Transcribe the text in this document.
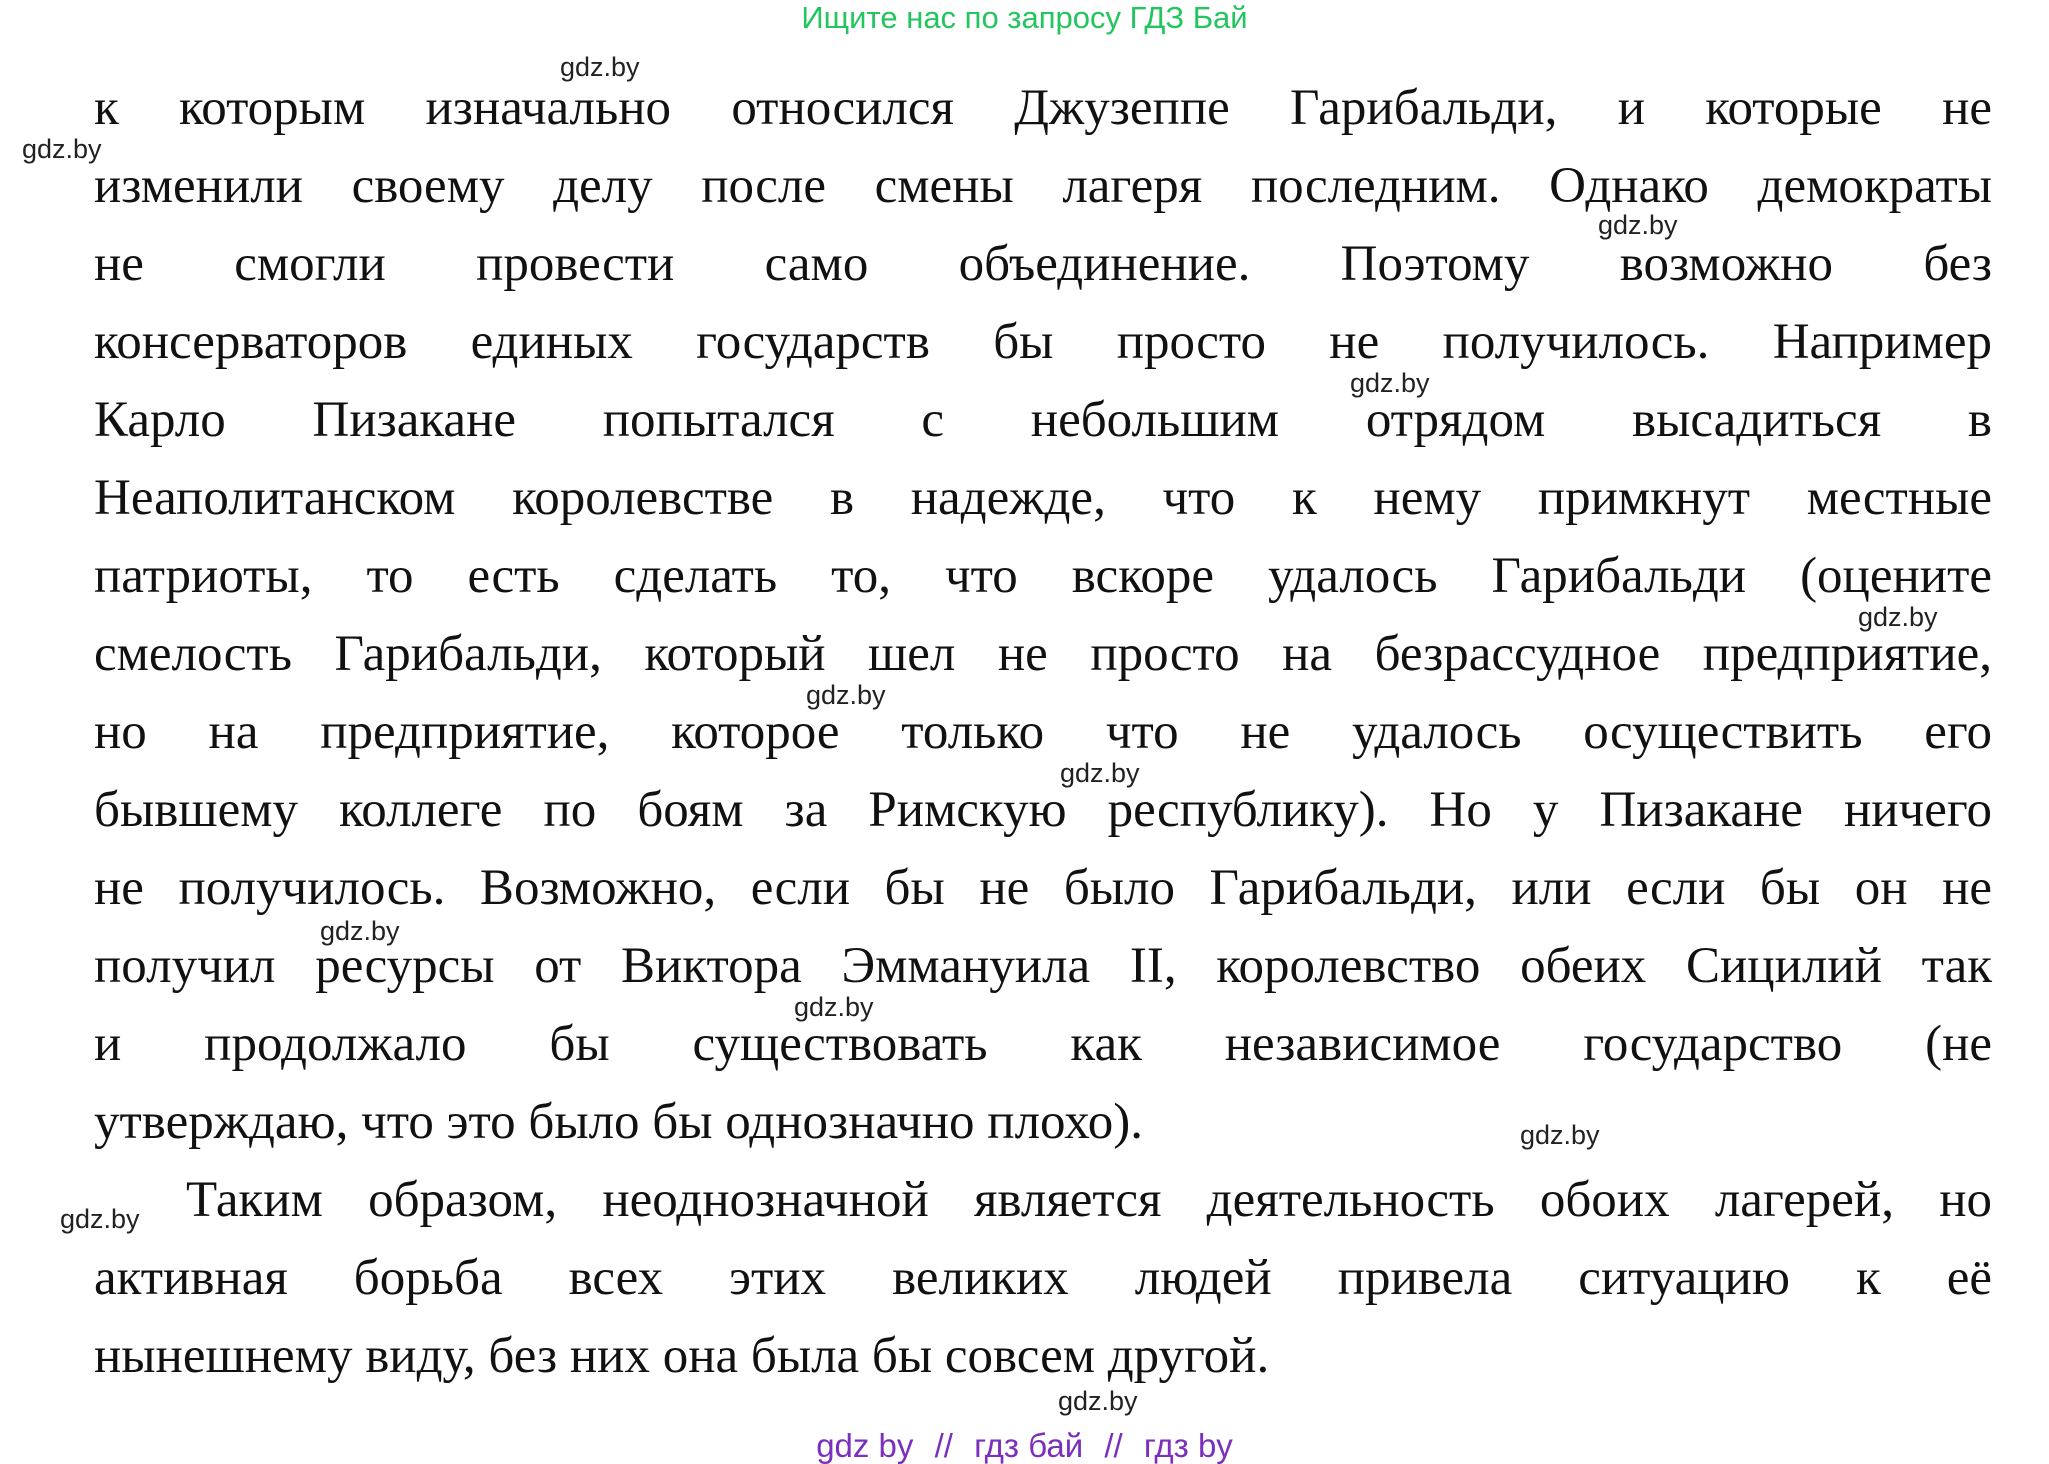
Ищите нас по запросу ГДЗ Бай
к которым изначально относился Джузеппе Гарибальди, и которые не
изменили своему делу после смены лагеря последним. Однако демократы
не смогли провести само объединение. Поэтому возможно без
консерваторов единых государств бы просто не получилось. Например
Карло Пизакане попытался с небольшим отрядом высадиться в
Неаполитанском королевстве в надежде, что к нему примкнут местные
патриоты, то есть сделать то, что вскоре удалось Гарибальди (оцените
смелость Гарибальди, который шел не просто на безрассудное предприятие,
но на предприятие, которое только что не удалось осуществить его
бывшему коллеге по боям за Римскую республику). Но у Пизакане ничего
не получилось. Возможно, если бы не было Гарибальди, или если бы он не
получил ресурсы от Виктора Эммануила II, королевство обеих Сицилий так
и продолжало бы существовать как независимое государство (не
утверждаю, что это было бы однозначно плохо).
Таким образом, неоднозначной является деятельность обоих лагерей, но
активная борьба всех этих великих людей привела ситуацию к её
нынешнему виду, без них она была бы совсем другой.
gdz.by
gdz.by
gdz.by
gdz.by
gdz.by
gdz.by
gdz.by
gdz.by
gdz.by
gdz.by
gdz.by
gdz.by
gdz by // гдз бай // гдз by
